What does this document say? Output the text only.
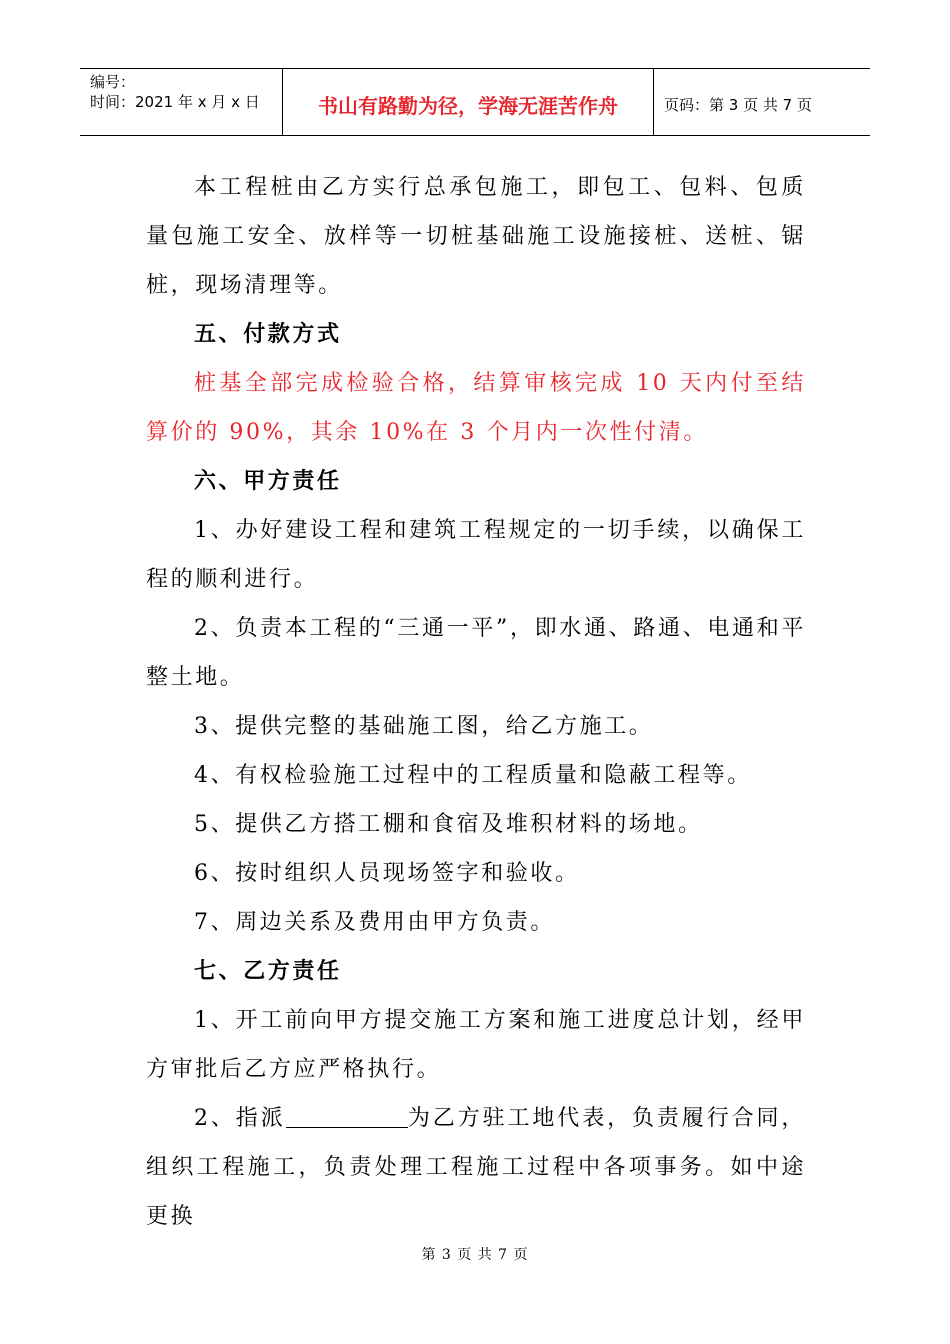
编号：
时间：2021 年 x 月 x 日	书山有路勤为径，学海无涯苦作舟	页码：第 3 页 共 7 页

本工程桩由乙方实行总承包施工，即包工、包料、包质量包施工安全、放样等一切桩基础施工设施接桩、送桩、锯桩，现场清理等。

五、付款方式

桩基全部完成检验合格，结算审核完成 10 天内付至结算价的 90%，其余 10%在 3 个月内一次性付清。

六、甲方责任

1、办好建设工程和建筑工程规定的一切手续，以确保工程的顺利进行。

2、负责本工程的“三通一平”，即水通、路通、电通和平整土地。

3、提供完整的基础施工图，给乙方施工。

4、有权检验施工过程中的工程质量和隐蔽工程等。

5、提供乙方搭工棚和食宿及堆积材料的场地。

6、按时组织人员现场签字和验收。

7、周边关系及费用由甲方负责。

七、乙方责任

1、开工前向甲方提交施工方案和施工进度总计划，经甲方审批后乙方应严格执行。

2、指派	为乙方驻工地代表，负责履行合同，组织工程施工，负责处理工程施工过程中各项事务。如中途更换

第 3 页 共 7 页
